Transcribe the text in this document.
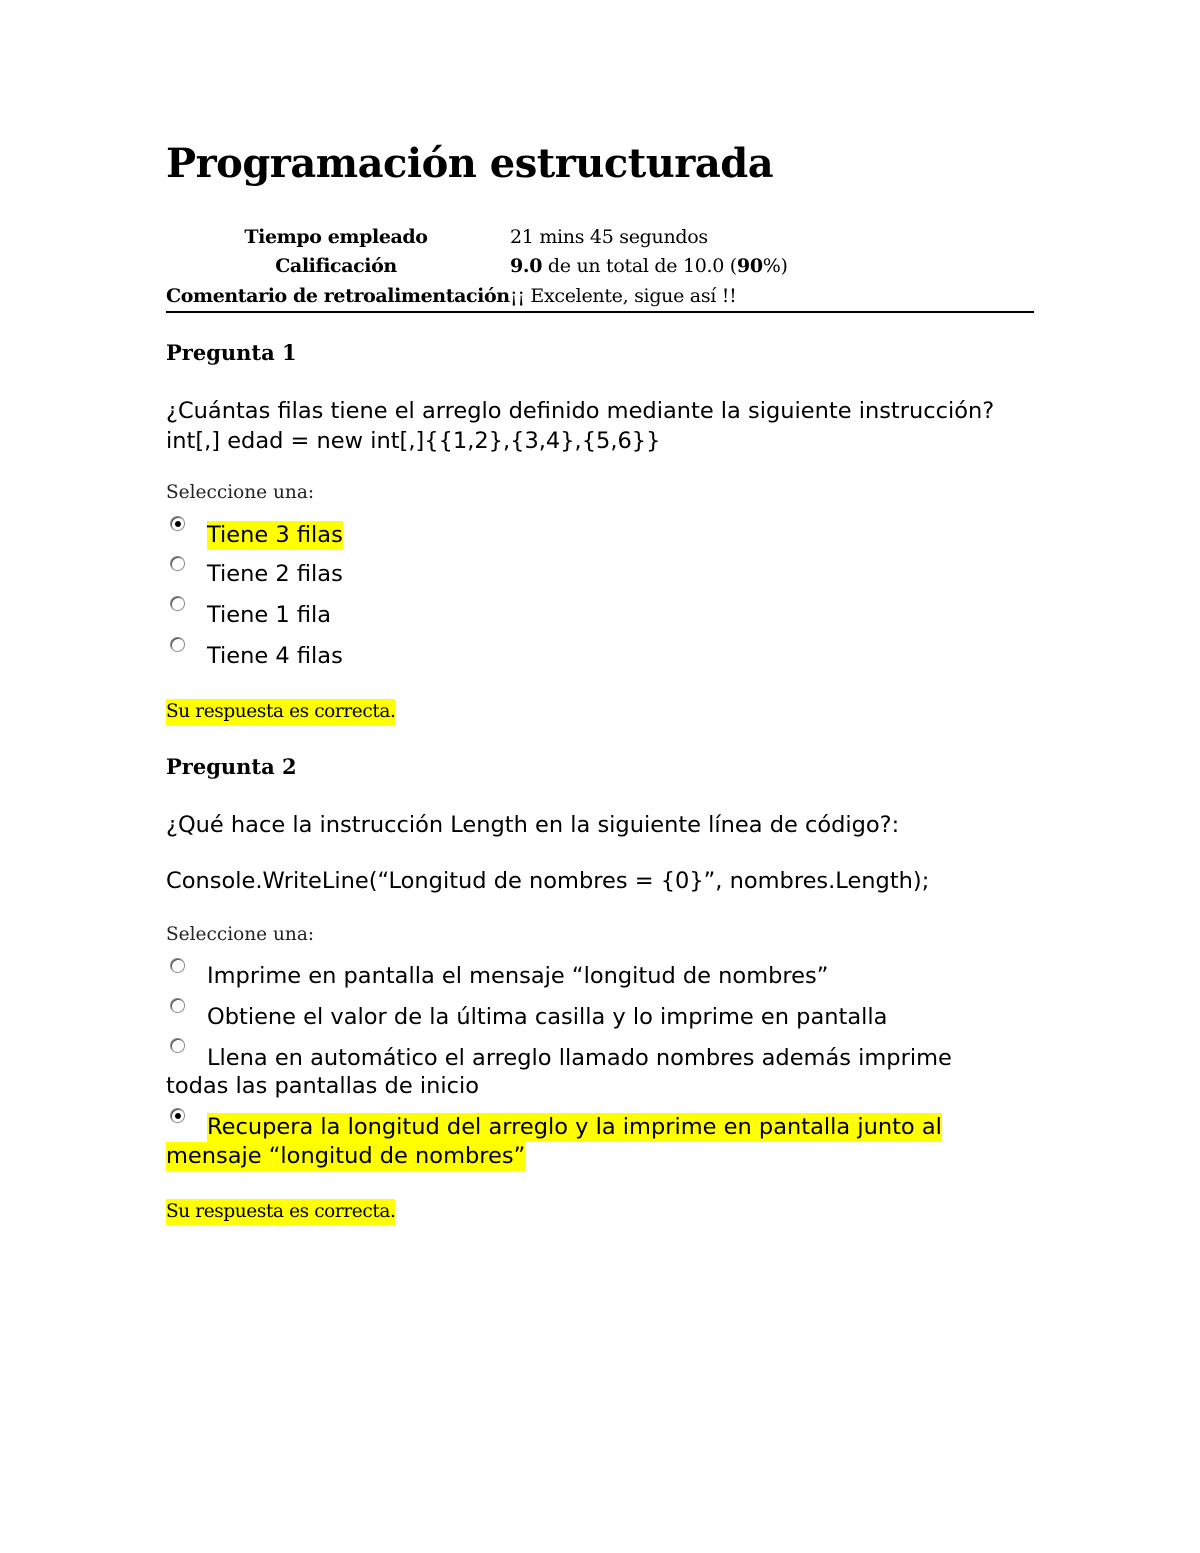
Programación estructurada
Tiempo empleado	21 mins 45 segundos
Calificación	9.0 de un total de 10.0 (90%)
Comentario de retroalimentación ¡¡ Excelente, sigue así !!
Pregunta 1
¿Cuántas filas tiene el arreglo definido mediante la siguiente instrucción?
int[,] edad = new int[,]{{1,2},{3,4},{5,6}}
Seleccione una:
Tiene 3 filas
Tiene 2 filas
Tiene 1 fila
Tiene 4 filas
Su respuesta es correcta.
Pregunta 2
¿Qué hace la instrucción Length en la siguiente línea de código?:
Console.WriteLine(“Longitud de nombres = {0}”, nombres.Length);
Seleccione una:
Imprime en pantalla el mensaje “longitud de nombres”
Obtiene el valor de la última casilla y lo imprime en pantalla
Llena en automático el arreglo llamado nombres además imprime
todas las pantallas de inicio
Recupera la longitud del arreglo y la imprime en pantalla junto al
mensaje “longitud de nombres”
Su respuesta es correcta.
